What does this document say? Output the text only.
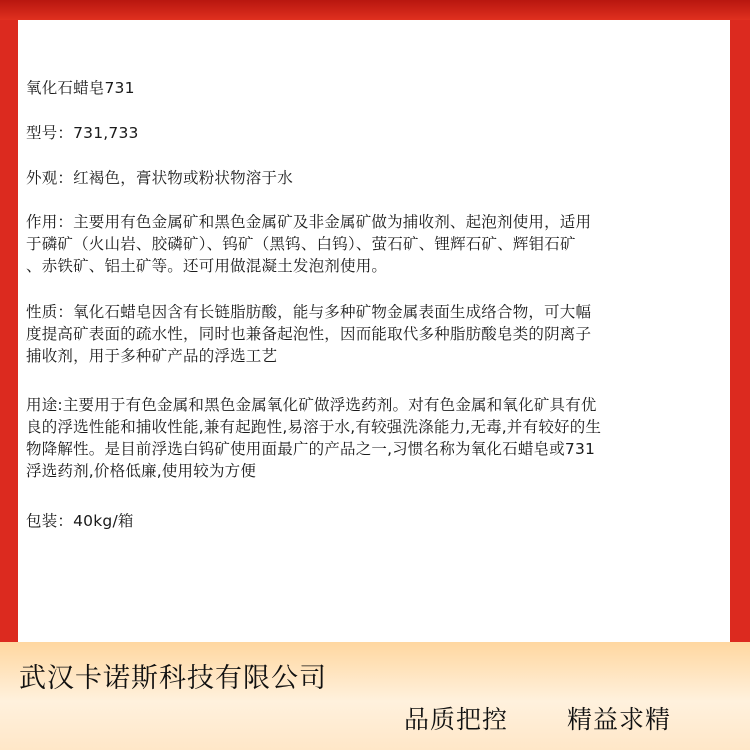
氧化石蜡皂731
型号：731,733
外观：红褐色，膏状物或粉状物溶于水
作用：主要用有色金属矿和黑色金属矿及非金属矿做为捕收剂、起泡剂使用，适用
于磷矿（火山岩、胶磷矿）、钨矿（黑钨、白钨）、萤石矿、锂辉石矿、辉钼石矿
、赤铁矿、铝土矿等。还可用做混凝土发泡剂使用。
性质：氧化石蜡皂因含有长链脂肪酸，能与多种矿物金属表面生成络合物，可大幅
度提高矿表面的疏水性，同时也兼备起泡性，因而能取代多种脂肪酸皂类的阴离子
捕收剂，用于多种矿产品的浮选工艺
用途:主要用于有色金属和黑色金属氧化矿做浮选药剂。对有色金属和氧化矿具有优
良的浮选性能和捕收性能,兼有起跑性,易溶于水,有较强洗涤能力,无毒,并有较好的生
物降解性。是目前浮选白钨矿使用面最广的产品之一,习惯名称为氧化石蜡皂或731
浮选药剂,价格低廉,使用较为方便
包装：40kg/箱
武汉卡诺斯科技有限公司
品质把控 精益求精
